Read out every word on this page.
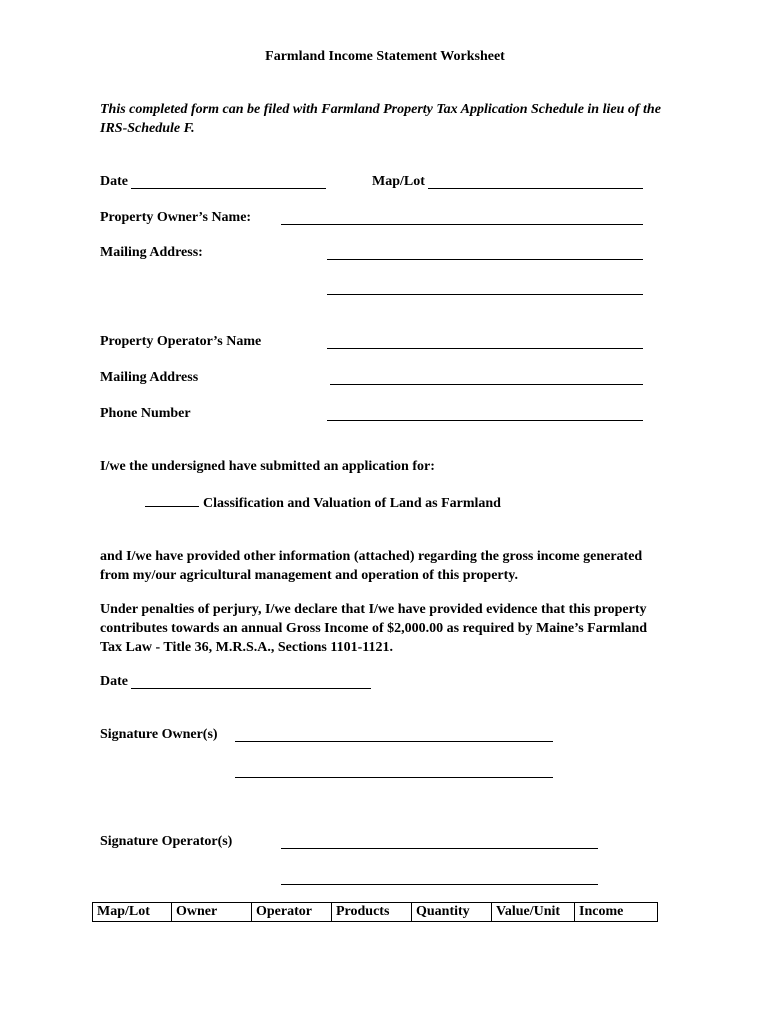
Farmland Income Statement Worksheet
This completed form can be filed with Farmland Property Tax Application Schedule in lieu of the IRS-Schedule F.
Date	Map/Lot
Property Owner’s Name:
Mailing Address:
Property Operator’s Name
Mailing Address
Phone Number
I/we the undersigned have submitted an application for:
Classification and Valuation of Land as Farmland
and I/we have provided other information (attached) regarding the gross income generated from my/our agricultural management and operation of this property.
Under penalties of perjury, I/we declare that I/we have provided evidence that this property contributes towards an annual Gross Income of $2,000.00 as required by Maine’s Farmland Tax Law - Title 36, M.R.S.A., Sections 1101-1121.
Date
Signature Owner(s)
Signature Operator(s)
Map/Lot	Owner	Operator	Products	Quantity	Value/Unit	Income
